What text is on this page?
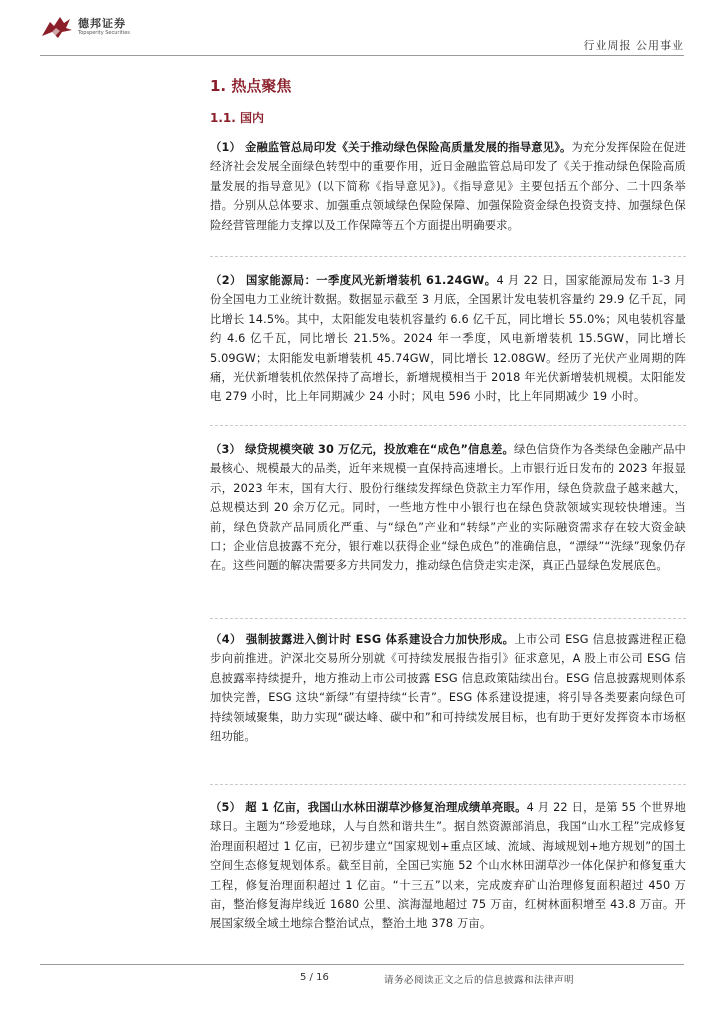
德邦证券
Topsperity Securities
行业周报 公用事业
1. 热点聚焦
1.1. 国内
（1） 金融监管总局印发《关于推动绿色保险高质量发展的指导意见》。为充分发挥保险在促进经济社会发展全面绿色转型中的重要作用，近日金融监管总局印发了《关于推动绿色保险高质量发展的指导意见》(以下简称《指导意见》)。《指导意见》主要包括五个部分、二十四条举措。分别从总体要求、加强重点领域绿色保险保障、加强保险资金绿色投资支持、加强绿色保险经营管理能力支撑以及工作保障等五个方面提出明确要求。
（2） 国家能源局：一季度风光新增装机 61.24GW。4 月 22 日，国家能源局发布 1-3 月份全国电力工业统计数据。数据显示截至 3 月底，全国累计发电装机容量约 29.9 亿千瓦，同比增长 14.5%。其中，太阳能发电装机容量约 6.6 亿千瓦，同比增长 55.0%；风电装机容量约 4.6 亿千瓦，同比增长 21.5%。2024 年一季度，风电新增装机 15.5GW，同比增长 5.09GW；太阳能发电新增装机 45.74GW，同比增长 12.08GW。经历了光伏产业周期的阵痛，光伏新增装机依然保持了高增长，新增规模相当于 2018 年光伏新增装机规模。太阳能发电 279 小时，比上年同期减少 24 小时；风电 596 小时，比上年同期减少 19 小时。
（3） 绿贷规模突破 30 万亿元，投放难在“成色”信息差。绿色信贷作为各类绿色金融产品中最核心、规模最大的品类，近年来规模一直保持高速增长。上市银行近日发布的 2023 年报显示，2023 年末，国有大行、股份行继续发挥绿色贷款主力军作用，绿色贷款盘子越来越大，总规模达到 20 余万亿元。同时，一些地方性中小银行也在绿色贷款领域实现较快增速。当前，绿色贷款产品同质化严重、与“绿色”产业和“转绿”产业的实际融资需求存在较大资金缺口；企业信息披露不充分，银行难以获得企业“绿色成色”的准确信息，“漂绿”“洗绿”现象仍存在。这些问题的解决需要多方共同发力，推动绿色信贷走实走深，真正凸显绿色发展底色。
（4） 强制披露进入倒计时 ESG 体系建设合力加快形成。上市公司 ESG 信息披露进程正稳步向前推进。沪深北交易所分别就《可持续发展报告指引》征求意见，A 股上市公司 ESG 信息披露率持续提升，地方推动上市公司披露 ESG 信息政策陆续出台。ESG 信息披露规则体系加快完善，ESG 这块“新绿”有望持续“长青”。ESG 体系建设提速，将引导各类要素向绿色可持续领域聚集，助力实现“碳达峰、碳中和”和可持续发展目标，也有助于更好发挥资本市场枢纽功能。
（5） 超 1 亿亩，我国山水林田湖草沙修复治理成绩单亮眼。4 月 22 日，是第 55 个世界地球日。主题为“珍爱地球，人与自然和谐共生”。据自然资源部消息，我国“山水工程”完成修复治理面积超过 1 亿亩，已初步建立“国家规划+重点区域、流域、海域规划+地方规划”的国土空间生态修复规划体系。截至目前，全国已实施 52 个山水林田湖草沙一体化保护和修复重大工程，修复治理面积超过 1 亿亩。“十三五”以来，完成废弃矿山治理修复面积超过 450 万亩，整治修复海岸线近 1680 公里、滨海湿地超过 75 万亩，红树林面积增至 43.8 万亩。开展国家级全域土地综合整治试点，整治土地 378 万亩。
5 / 16	请务必阅读正文之后的信息披露和法律声明
